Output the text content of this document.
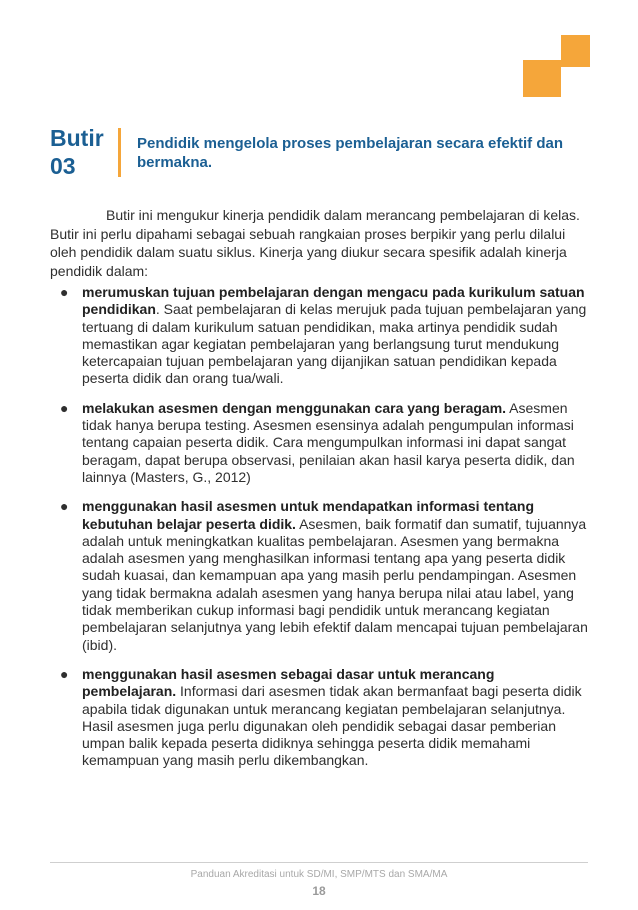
Butir
03
Pendidik mengelola proses pembelajaran secara efektif dan bermakna.

Butir ini mengukur kinerja pendidik dalam merancang pembelajaran di kelas. Butir ini perlu dipahami sebagai sebuah rangkaian proses berpikir yang perlu dilalui oleh pendidik dalam suatu siklus. Kinerja yang diukur secara spesifik adalah kinerja pendidik dalam:

● merumuskan tujuan pembelajaran dengan mengacu pada kurikulum satuan pendidikan. Saat pembelajaran di kelas merujuk pada tujuan pembelajaran yang tertuang di dalam kurikulum satuan pendidikan, maka artinya pendidik sudah memastikan agar kegiatan pembelajaran yang berlangsung turut mendukung ketercapaian tujuan pembelajaran yang dijanjikan satuan pendidikan kepada peserta didik dan orang tua/wali.
● melakukan asesmen dengan menggunakan cara yang beragam. Asesmen tidak hanya berupa testing. Asesmen esensinya adalah pengumpulan informasi tentang capaian peserta didik. Cara mengumpulkan informasi ini dapat sangat beragam, dapat berupa observasi, penilaian akan hasil karya peserta didik, dan lainnya (Masters, G., 2012)
● menggunakan hasil asesmen untuk mendapatkan informasi tentang kebutuhan belajar peserta didik. Asesmen, baik formatif dan sumatif, tujuannya adalah untuk meningkatkan kualitas pembelajaran. Asesmen yang bermakna adalah asesmen yang menghasilkan informasi tentang apa yang peserta didik sudah kuasai, dan kemampuan apa yang masih perlu pendampingan. Asesmen yang tidak bermakna adalah asesmen yang hanya berupa nilai atau label, yang tidak memberikan cukup informasi bagi pendidik untuk merancang kegiatan pembelajaran selanjutnya yang lebih efektif dalam mencapai tujuan pembelajaran (ibid).
● menggunakan hasil asesmen sebagai dasar untuk merancang pembelajaran. Informasi dari asesmen tidak akan bermanfaat bagi peserta didik apabila tidak digunakan untuk merancang kegiatan pembelajaran selanjutnya. Hasil asesmen juga perlu digunakan oleh pendidik sebagai dasar pemberian umpan balik kepada peserta didiknya sehingga peserta didik memahami kemampuan yang masih perlu dikembangkan.
Panduan Akreditasi untuk SD/MI, SMP/MTS dan SMA/MA
18
